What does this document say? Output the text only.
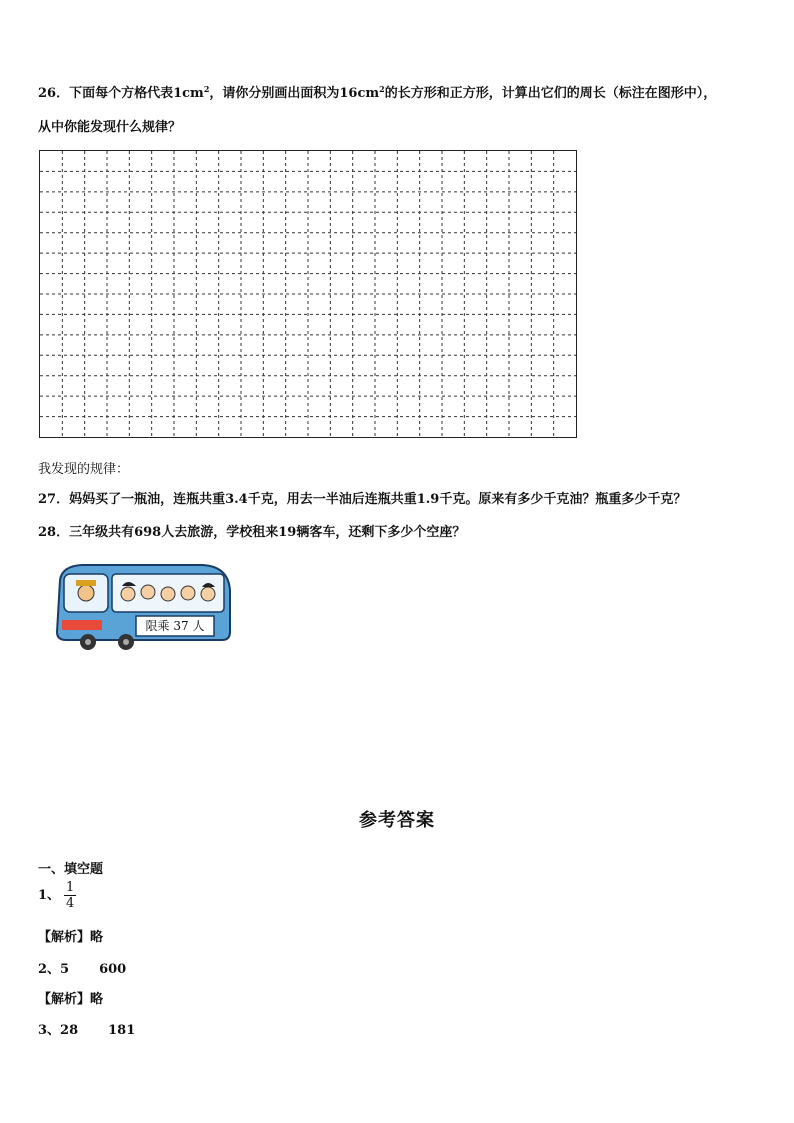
26．下面每个方格代表$1cm^2$，请你分别画出面积为$16cm^2$的长方形和正方形，计算出它们的周长（标注在图形中），
从中你能发现什么规律？
我发现的规律：
27．妈妈买了一瓶油，连瓶共重3.4千克，用去一半油后连瓶共重1.9千克。原来有多少千克油？瓶重多少千克？
28．三年级共有698人去旅游，学校租来19辆客车，还剩下多少个空座？
限乘 37 人
参考答案
一、填空题
1、 $\frac{1}{4}$
【解析】略
2、5 600
【解析】略
3、28 181
